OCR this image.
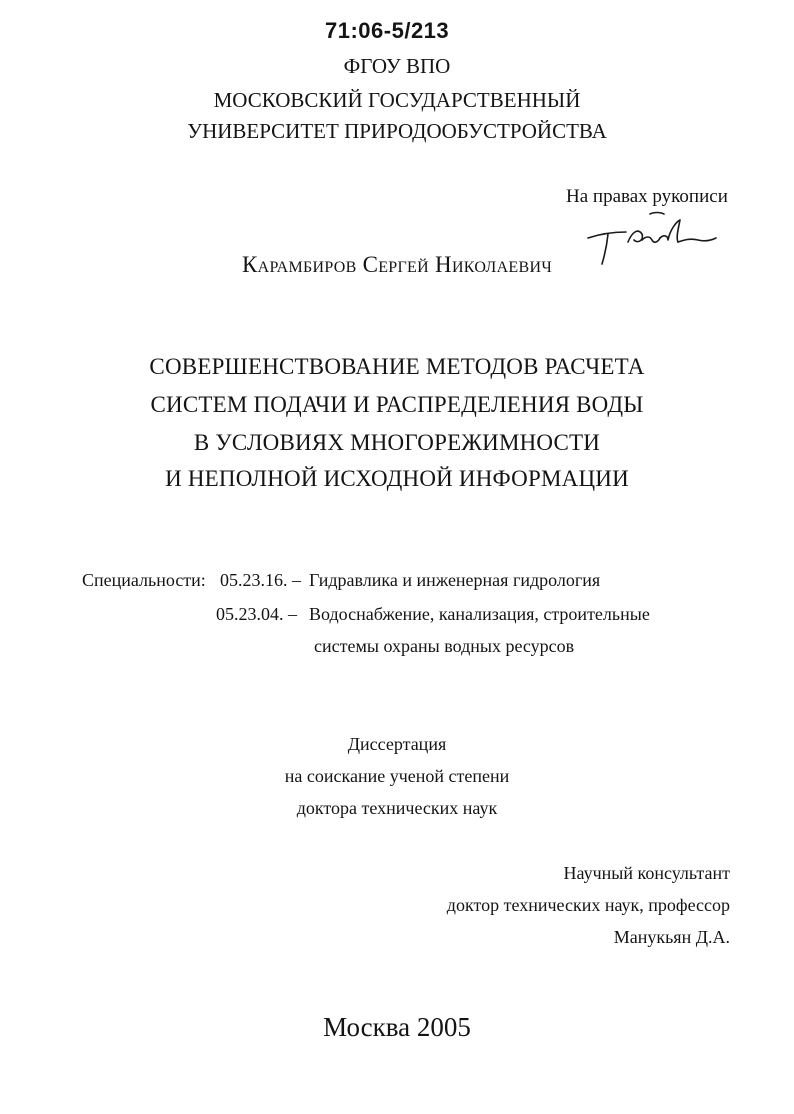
71:06-5/213
ФГОУ ВПО
МОСКОВСКИЙ ГОСУДАРСТВЕННЫЙ
УНИВЕРСИТЕТ ПРИРОДООБУСТРОЙСТВА
На правах рукописи
Карамбиров Сергей Николаевич
СОВЕРШЕНСТВОВАНИЕ МЕТОДОВ РАСЧЕТА
СИСТЕМ ПОДАЧИ И РАСПРЕДЕЛЕНИЯ ВОДЫ
В УСЛОВИЯХ МНОГОРЕЖИМНОСТИ
И НЕПОЛНОЙ ИСХОДНОЙ ИНФОРМАЦИИ
Специальности: 05.23.16. – Гидравлика и инженерная гидрология
05.23.04. – Водоснабжение, канализация, строительные
системы охраны водных ресурсов
Диссертация
на соискание ученой степени
доктора технических наук
Научный консультант
доктор технических наук, профессор
Манукьян Д.А.
Москва 2005
